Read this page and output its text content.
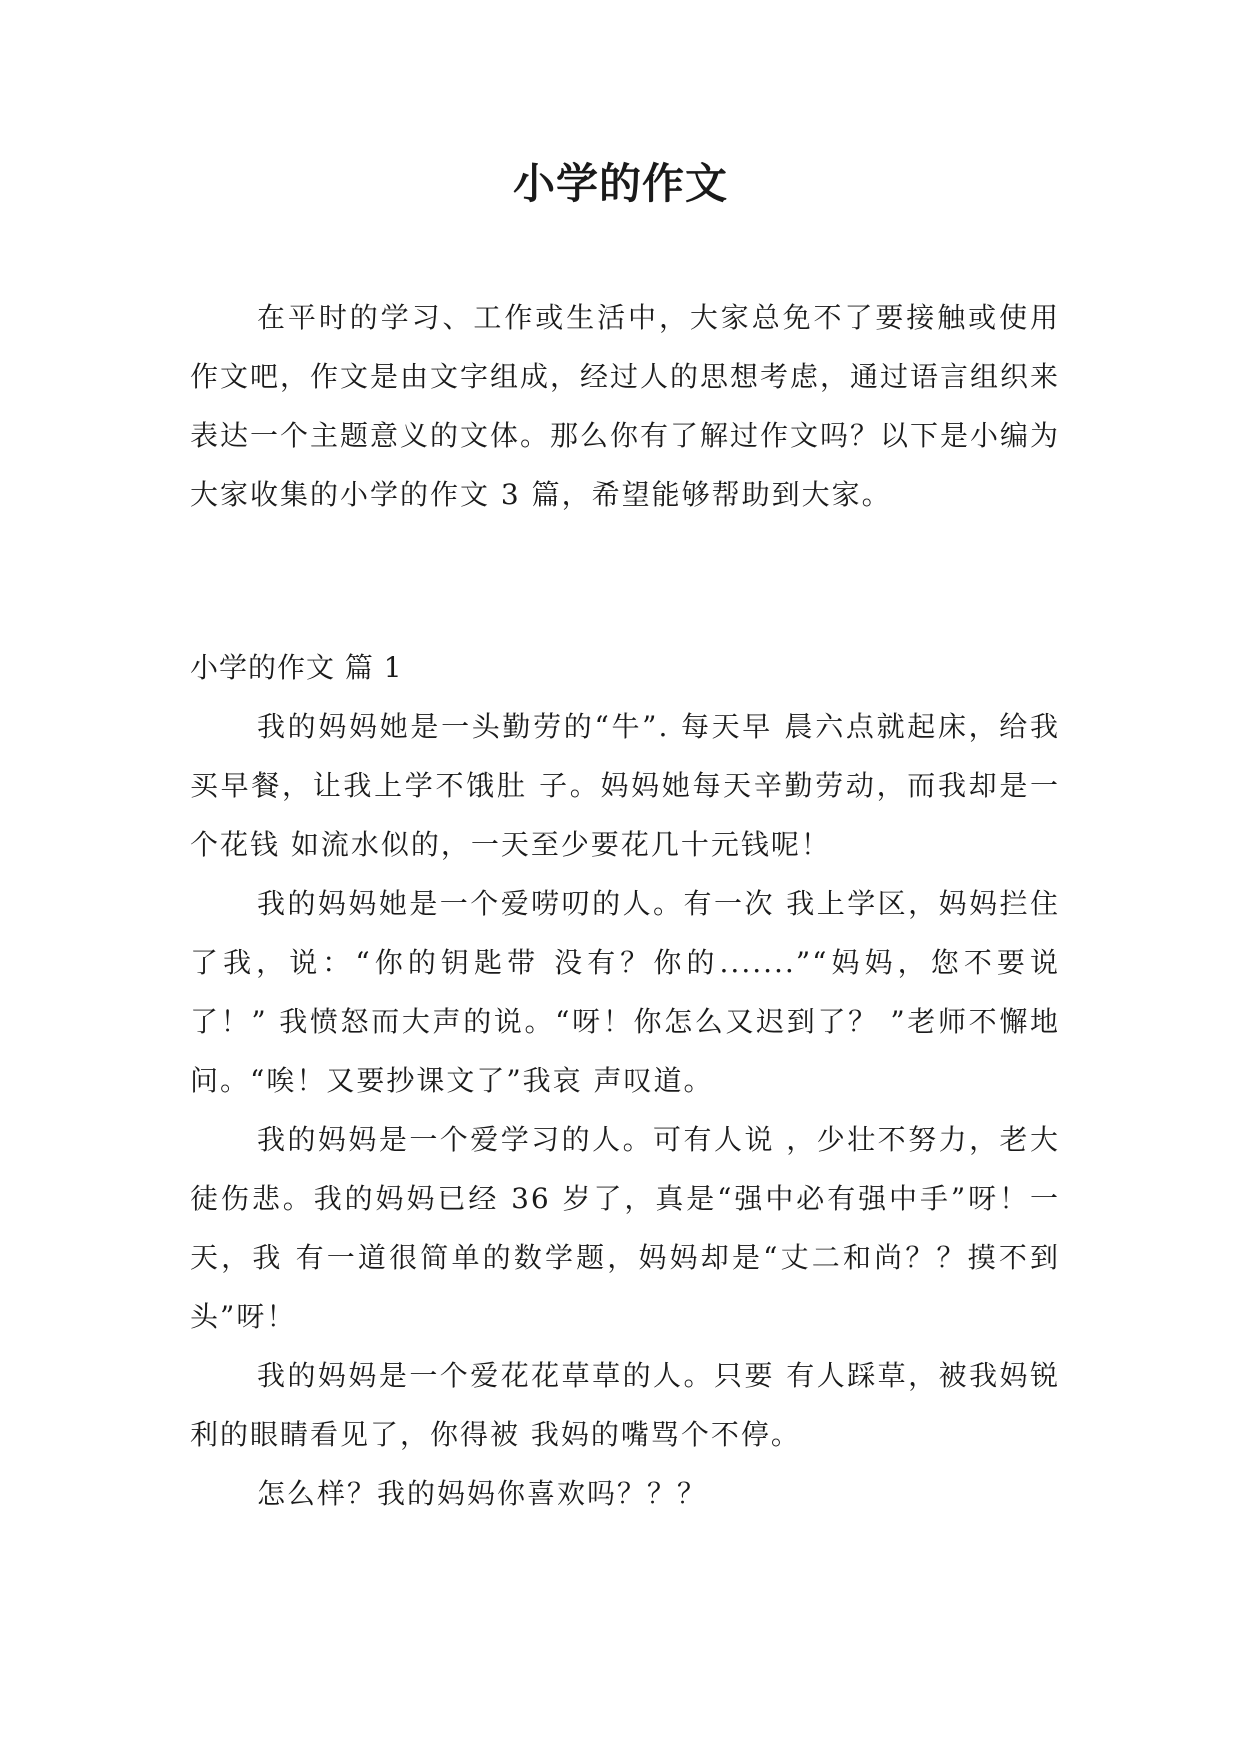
小学的作文

在平时的学习、工作或生活中，大家总免不了要接触或使用作文吧，作文是由文字组成，经过人的思想考虑，通过语言组织来表达一个主题意义的文体。那么你有了解过作文吗？以下是小编为大家收集的小学的作文 3 篇，希望能够帮助到大家。

小学的作文 篇 1

我的妈妈她是一头勤劳的“牛”. 每天早 晨六点就起床，给我买早餐，让我上学不饿肚 子。妈妈她每天辛勤劳动，而我却是一个花钱 如流水似的，一天至少要花几十元钱呢！

我的妈妈她是一个爱唠叨的人。有一次 我上学区，妈妈拦住了我，说：“你的钥匙带 没有？你的.......”“妈妈，您不要说了！” 我愤怒而大声的说。“呀！你怎么又迟到了？ ”老师不懈地问。“唉！又要抄课文了”我哀 声叹道。

我的妈妈是一个爱学习的人。可有人说 ，少壮不努力，老大徒伤悲。我的妈妈已经 36 岁了，真是“强中必有强中手”呀！一天，我 有一道很简单的数学题，妈妈却是“丈二和尚？？摸不到头”呀！

我的妈妈是一个爱花花草草的人。只要 有人踩草，被我妈锐利的眼睛看见了，你得被 我妈的嘴骂个不停。

怎么样？我的妈妈你喜欢吗？？？
